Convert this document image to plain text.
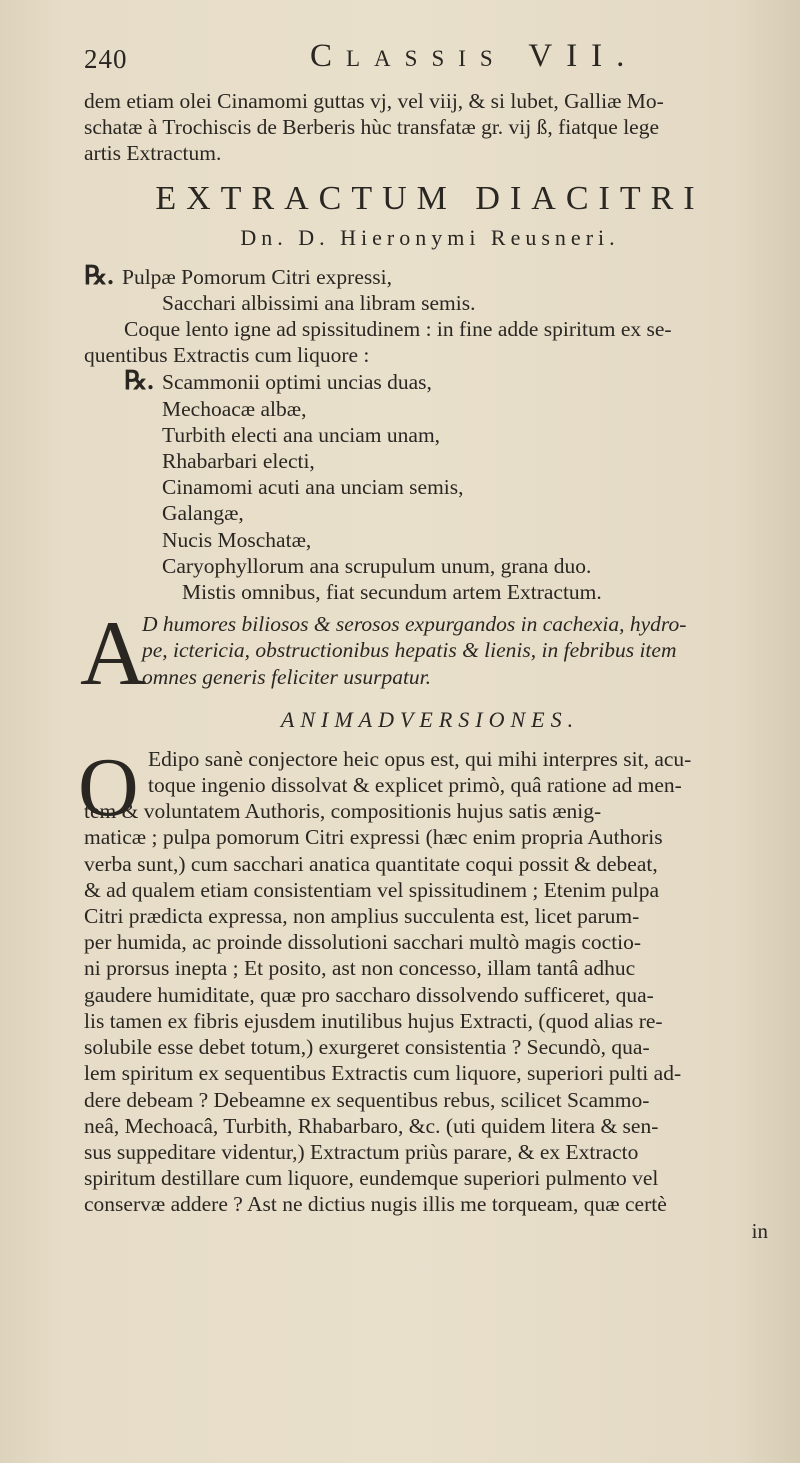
240	Classis VII.
dem etiam olei Cinamomi guttas vj, vel viij, & si lubet, Galliæ Mo-
schatæ à Trochiscis de Berberis hùc transfatæ gr. vij ß, fiatque lege
artis Extractum.
EXTRACTUM DIACITRI
Dn. D. Hieronymi Reusneri.
℞. Pulpæ Pomorum Citri expressi,
Sacchari albissimi ana libram semis.
Coque lento igne ad spissitudinem : in fine adde spiritum ex se-
quentibus Extractis cum liquore :
℞. Scammonii optimi uncias duas,
Mechoacæ albæ,
Turbith electi ana unciam unam,
Rhabarbari electi,
Cinamomi acuti ana unciam semis,
Galangæ,
Nucis Moschatæ,
Caryophyllorum ana scrupulum unum, grana duo.
Mistis omnibus, fiat secundum artem Extractum.
A
D humores biliosos & serosos expurgandos in cachexia, hydro-
pe, ictericia, obstructionibus hepatis & lienis, in febribus item
omnes generis feliciter usurpatur.
ANIMADVERSIONES.
O Edipo sanè conjectore heic opus est, qui mihi interpres sit, acu-
toque ingenio dissolvat & explicet primò, quâ ratione ad men-
tem & voluntatem Authoris, compositionis hujus satis ænig-
maticæ ; pulpa pomorum Citri expressi (hæc enim propria Authoris
verba sunt,) cum sacchari anatica quantitate coqui possit & debeat,
& ad qualem etiam consistentiam vel spissitudinem ; Etenim pulpa
Citri prædicta expressa, non amplius succulenta est, licet parum-
per humida, ac proinde dissolutioni sacchari multò magis coctio-
ni prorsus inepta ; Et posito, ast non concesso, illam tantâ adhuc
gaudere humiditate, quæ pro saccharo dissolvendo sufficeret, qua-
lis tamen ex fibris ejusdem inutilibus hujus Extracti, (quod alias re-
solubile esse debet totum,) exurgeret consistentia ? Secundò, qua-
lem spiritum ex sequentibus Extractis cum liquore, superiori pulti ad-
dere debeam ? Debeamne ex sequentibus rebus, scilicet Scammo-
neâ, Mechoacâ, Turbith, Rhabarbaro, &c. (uti quidem litera & sen-
sus suppeditare videntur,) Extractum priùs parare, & ex Extracto
spiritum destillare cum liquore, eundemque superiori pulmento vel
conservæ addere ? Ast ne dictius nugis illis me torqueam, quæ certè
in
